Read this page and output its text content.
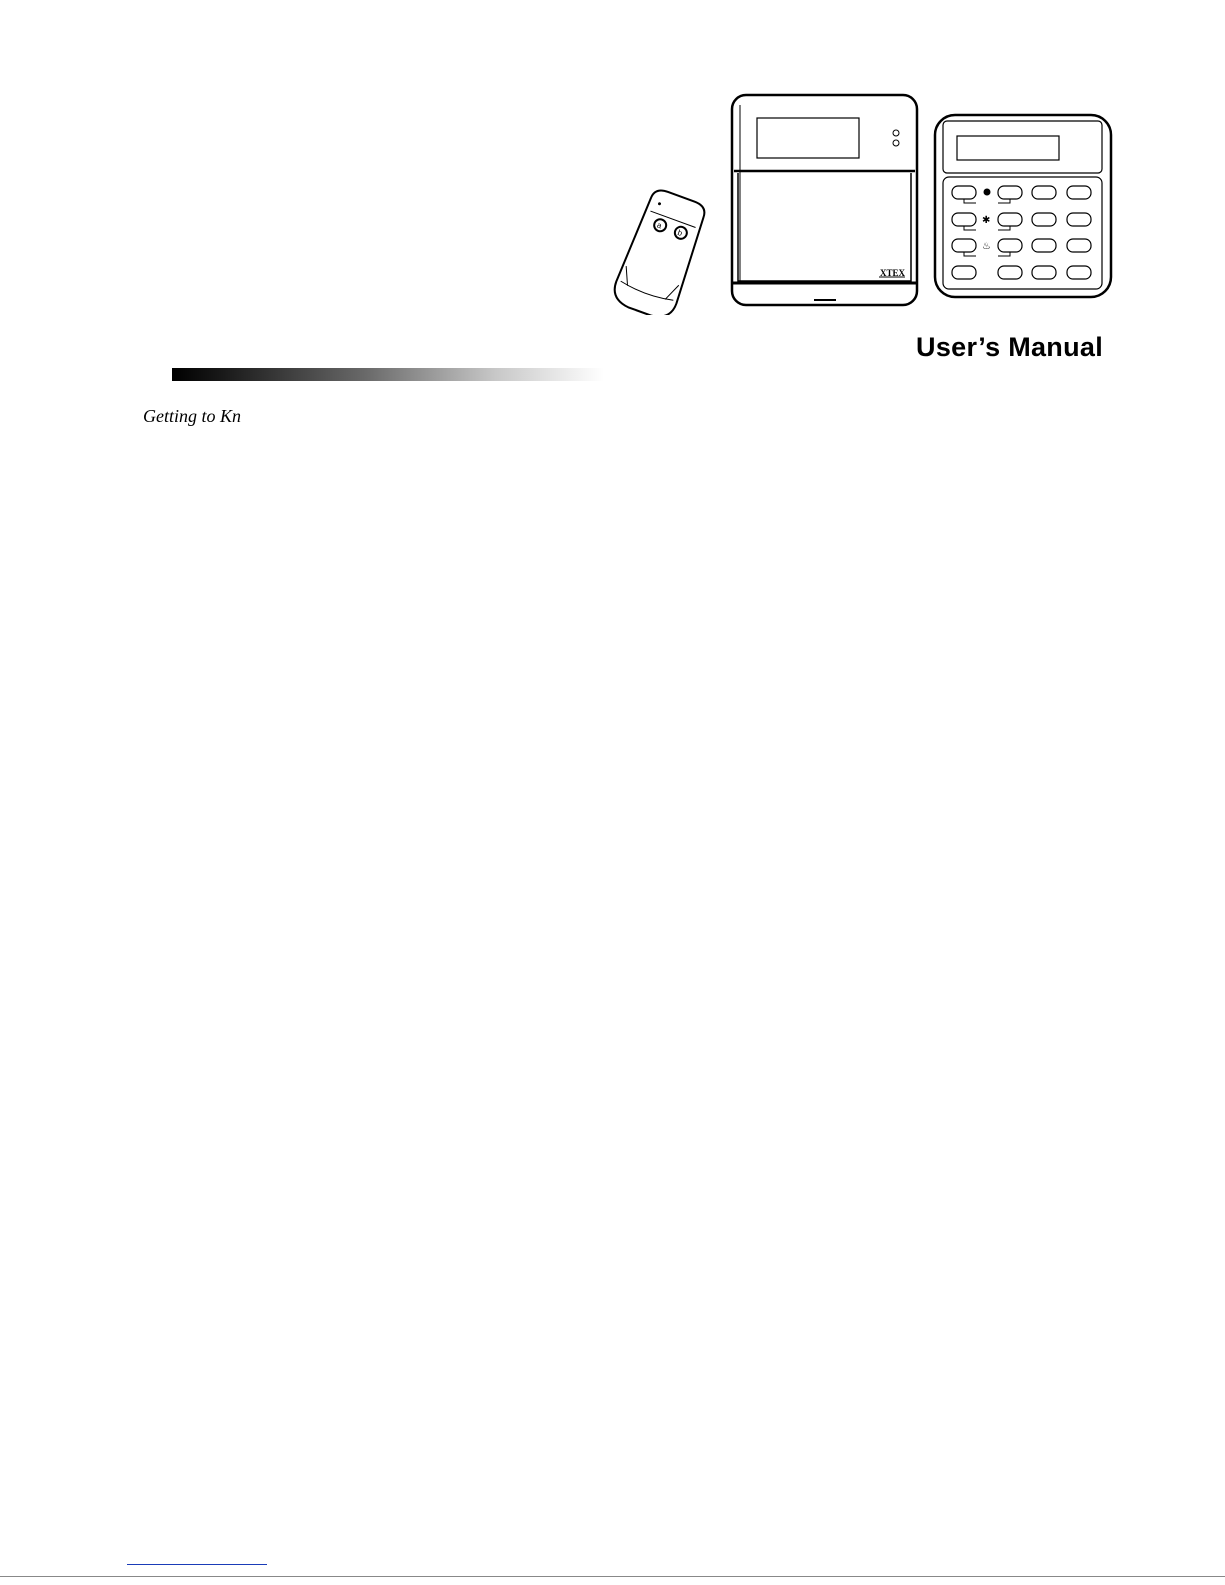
a
b
XTEX
✱
♨
User’s Manual
Getting to Kn
